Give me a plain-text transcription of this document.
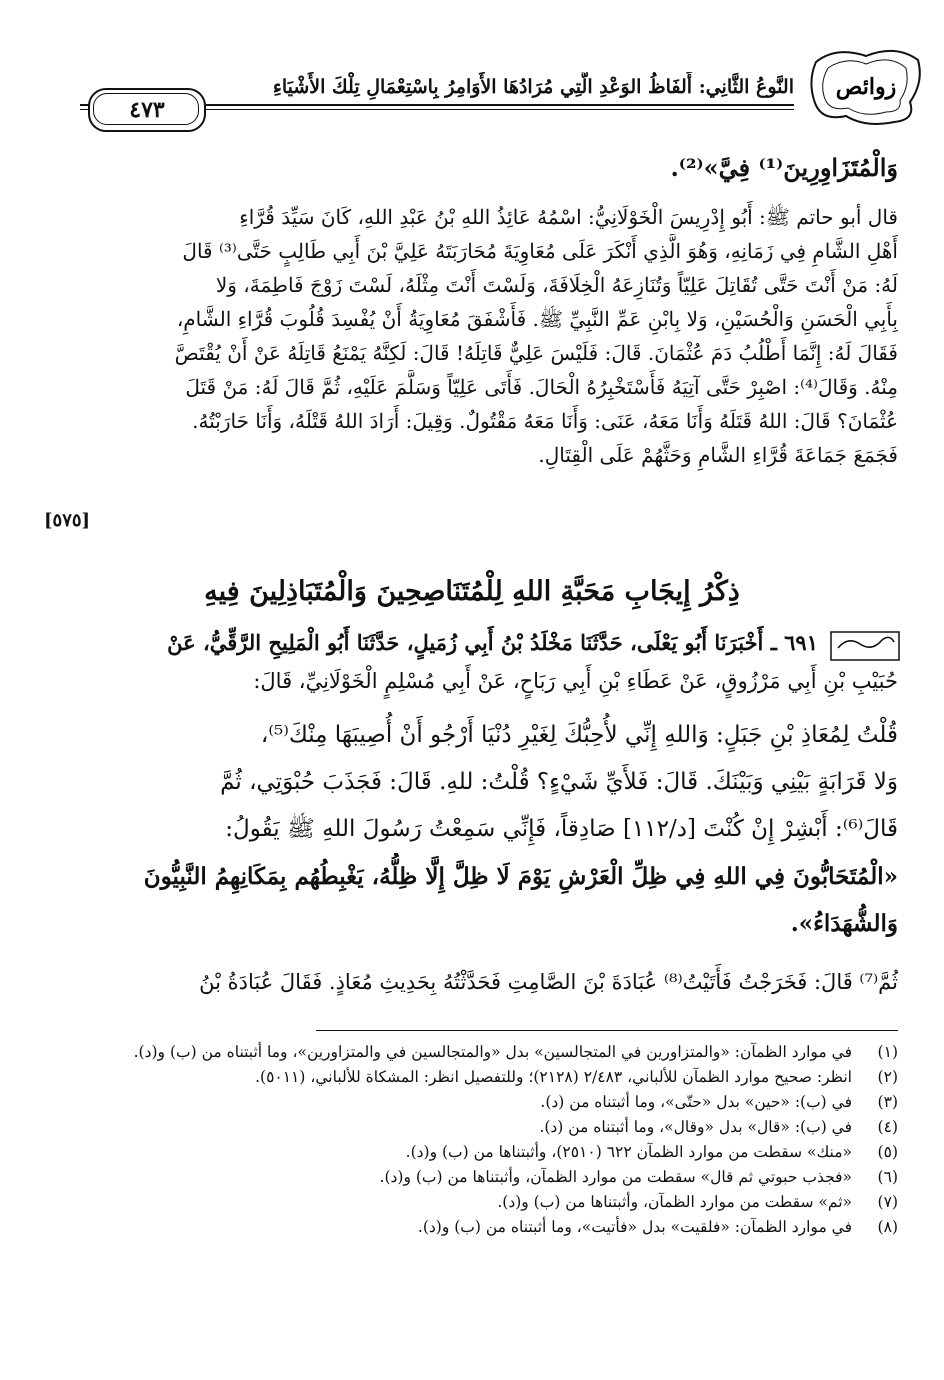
زوائص
النَّوعُ الثَّانِي: أَلفَاظُ الوَعْدِ الَّتِي مُرَادُهَا الأَوَامِرُ بِاسْتِعْمَالِ تِلْكَ الأَشْيَاءِ
٤٧٣
وَالْمُتَزَاوِرِينَ⁽¹⁾ فِيَّ»⁽²⁾.
قال أبو حاتم ﷺ: أَبُو إِدْرِيسَ الْخَوْلَانِيُّ: اسْمُهُ عَائِذُ اللهِ بْنُ عَبْدِ اللهِ، كَانَ سَيِّدَ قُرَّاءِ
أَهْلِ الشَّامِ فِي زَمَانِهِ، وَهُوَ الَّذِي أَنْكَرَ عَلَى مُعَاوِيَةَ مُحَارَبَتَهُ عَلِيَّ بْنَ أَبِي طَالِبٍ حَتَّى⁽³⁾ قَالَ
لَهُ: مَنْ أَنْتَ حَتَّى تُقَاتِلَ عَلِيّاً وَتُنَازِعَهُ الْخِلَافَةَ، وَلَسْتَ أَنْتَ مِثْلَهُ، لَسْتَ زَوْجَ فَاطِمَةَ، وَلا
بِأَبِي الْحَسَنِ وَالْحُسَيْنِ، وَلا بِابْنِ عَمِّ النَّبِيِّ ﷺ. فَأَشْفَقَ مُعَاوِيَةُ أَنْ يُفْسِدَ قُلُوبَ قُرَّاءِ الشَّامِ،
فَقَالَ لَهُ: إِنَّمَا أَطْلُبُ دَمَ عُثْمَانَ. قَالَ: فَلَيْسَ عَلِيٌّ قَاتِلَهُ! قَالَ: لَكِنَّهُ يَمْنَعُ قَاتِلَهُ عَنْ أَنْ يُقْتَصَّ
مِنْهُ. وَقَالَ⁽⁴⁾: اصْبِرْ حَتَّى آتِيَهُ فَأَسْتَخْبِرُهُ الْحَالَ. فَأَتَى عَلِيّاً وَسَلَّمَ عَلَيْهِ، ثُمَّ قَالَ لَهُ: مَنْ قَتَلَ
عُثْمَانَ؟ قَالَ: اللهُ قَتَلَهُ وَأَنَا مَعَهُ، عَنَى: وَأَنَا مَعَهُ مَقْتُولٌ. وَقِيلَ: أَرَادَ اللهُ قَتْلَهُ، وَأَنَا حَارَبْتُهُ.
فَجَمَعَ جَمَاعَةَ قُرَّاءِ الشَّامِ وَحَثَّهُمْ عَلَى الْقِتَالِ.
[٥٧٥]
ذِكْرُ إِيجَابِ مَحَبَّةِ اللهِ لِلْمُتَنَاصِحِينَ وَالْمُتَبَاذِلِينَ فِيهِ
٦٩١ ـ أَخْبَرَنَا أَبُو يَعْلَى، حَدَّثَنَا مَخْلَدُ بْنُ أَبِي زُمَيلٍ، حَدَّثَنَا أَبُو الْمَلِيحِ الرَّقِّيُّ، عَنْ
حُبَيْبِ بْنِ أَبِي مَرْزُوقٍ، عَنْ عَطَاءِ بْنِ أَبِي رَبَاحٍ، عَنْ أَبِي مُسْلِمٍ الْخَوْلَانِيِّ، قَالَ:
قُلْتُ لِمُعَاذِ بْنِ جَبَلٍ: وَاللهِ إِنِّي لأُحِبُّكَ لِغَيْرِ دُنْيَا أَرْجُو أَنْ أُصِيبَهَا مِنْكَ⁽⁵⁾،
وَلا قَرَابَةٍ بَيْنِي وَبَيْنَكَ. قَالَ: فَلأَيِّ شَيْءٍ؟ قُلْتُ: للهِ. قَالَ: فَجَذَبَ حُبْوَتِي، ثُمَّ
قَالَ⁽⁶⁾: أَبْشِرْ إِنْ كُنْتَ [د/١١٢] صَادِقاً، فَإِنِّي سَمِعْتُ رَسُولَ اللهِ ﷺ يَقُولُ:
«الْمُتَحَابُّونَ فِي اللهِ فِي ظِلِّ الْعَرْشِ يَوْمَ لَا ظِلَّ إِلَّا ظِلُّهُ، يَغْبِطُهُم بِمَكَانِهِمُ النَّبِيُّونَ
وَالشُّهَدَاءُ».
ثُمَّ⁽⁷⁾ قَالَ: فَخَرَجْتُ فَأَتَيْتُ⁽⁸⁾ عُبَادَةَ بْنَ الصَّامِتِ فَحَدَّثْتُهُ بِحَدِيثِ مُعَاذٍ. فَقَالَ عُبَادَةُ بْنُ
(١)
في موارد الظمآن: «والمتزاورين في المتجالسين» بدل «والمتجالسين في والمتزاورين»، وما أثبتناه من (ب) و(د).
(٢)
انظر: صحيح موارد الظمآن للألباني، ٢/٤٨٣ (٢١٢٨)؛ وللتفصيل انظر: المشكاة للألباني، (٥٠١١).
(٣)
في (ب): «حين» بدل «حتّى»، وما أثبتناه من (د).
(٤)
في (ب): «قال» بدل «وقال»، وما أثبتناه من (د).
(٥)
«منك» سقطت من موارد الظمآن ٦٢٢ (٢٥١٠)، وأثبتناها من (ب) و(د).
(٦)
«فجذب حبوتي ثم قال» سقطت من موارد الظمآن، وأثبتناها من (ب) و(د).
(٧)
«ثم» سقطت من موارد الظمآن، وأثبتناها من (ب) و(د).
(٨)
في موارد الظمآن: «فلقيت» بدل «فأتيت»، وما أثبتناه من (ب) و(د).
